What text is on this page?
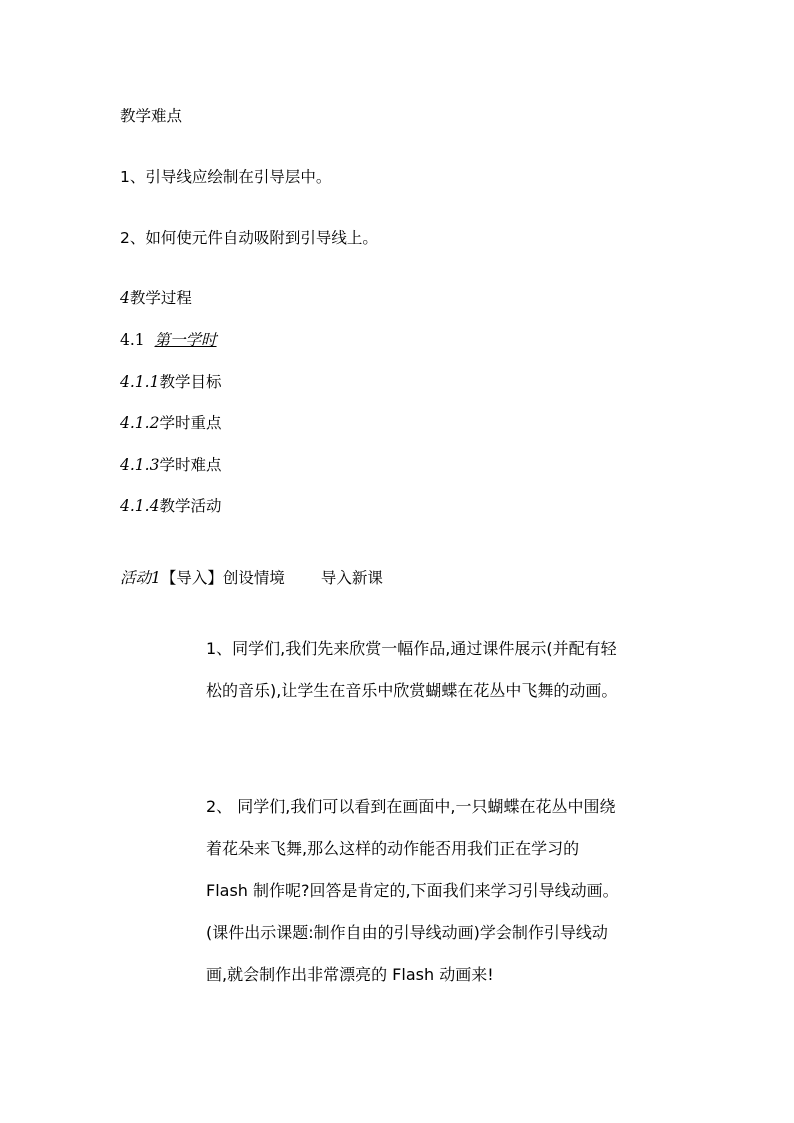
教学难点
1、引导线应绘制在引导层中。
2、如何使元件自动吸附到引导线上。
4教学过程
4.1 第一学时
4.1.1教学目标
4.1.2学时重点
4.1.3学时难点
4.1.4教学活动
活动1【导入】创设情境 导入新课
1、同学们,我们先来欣赏一幅作品,通过课件展示(并配有轻
松的音乐),让学生在音乐中欣赏蝴蝶在花丛中飞舞的动画。
2、 同学们,我们可以看到在画面中,一只蝴蝶在花丛中围绕
着花朵来飞舞,那么这样的动作能否用我们正在学习的
Flash 制作呢?回答是肯定的,下面我们来学习引导线动画。
(课件出示课题:制作自由的引导线动画)学会制作引导线动
画,就会制作出非常漂亮的 Flash 动画来!
